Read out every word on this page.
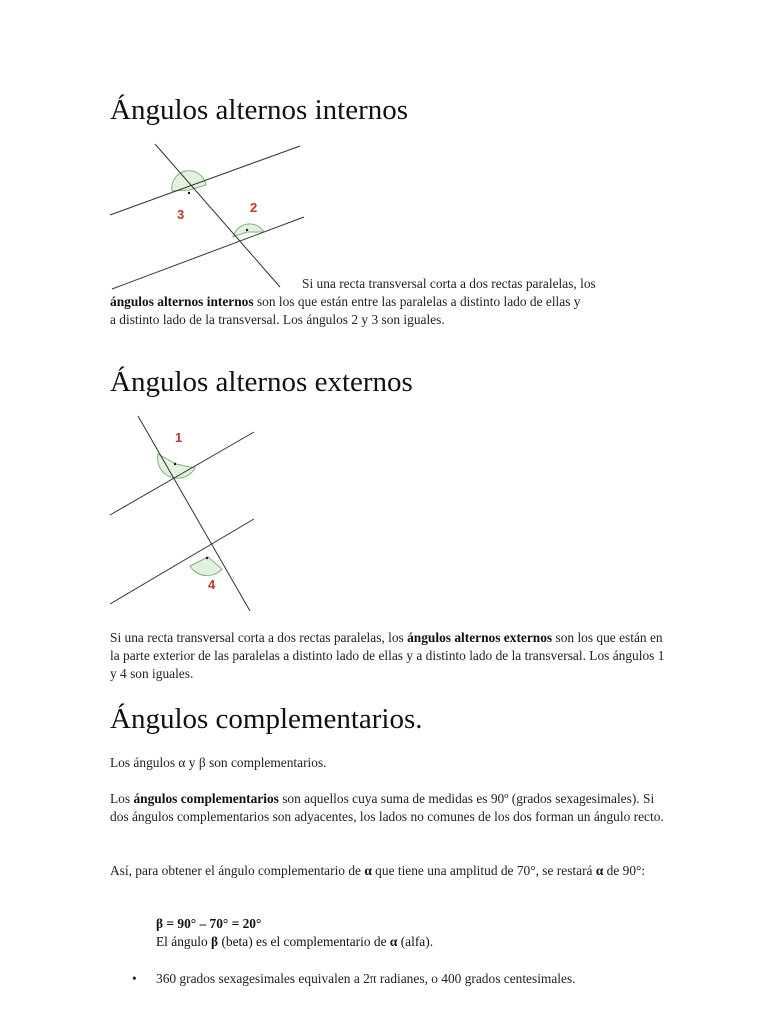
Ángulos alternos internos
3	2
Si una recta transversal corta a dos rectas paralelas, los
ángulos alternos internos son los que están entre las paralelas a distinto lado de ellas y
a distinto lado de la transversal. Los ángulos 2 y 3 son iguales.
Ángulos alternos externos
1
4

Si una recta transversal corta a dos rectas paralelas, los ángulos alternos externos son los que están en la parte exterior de las paralelas a distinto lado de ellas y a distinto lado de la transversal. Los ángulos 1 y 4 son iguales.

Ángulos complementarios.

Los ángulos α y β son complementarios.

Los ángulos complementarios son aquellos cuya suma de medidas es 90º (grados sexagesimales). Si dos ángulos complementarios son adyacentes, los lados no comunes de los dos forman un ángulo recto.

Así, para obtener el ángulo complementario de α que tiene una amplitud de 70°, se restará α de 90°:

β = 90° – 70° = 20°
El ángulo β (beta) es el complementario de α (alfa).
• 360 grados sexagesimales equivalen a 2π radianes, o 400 grados centesimales.
